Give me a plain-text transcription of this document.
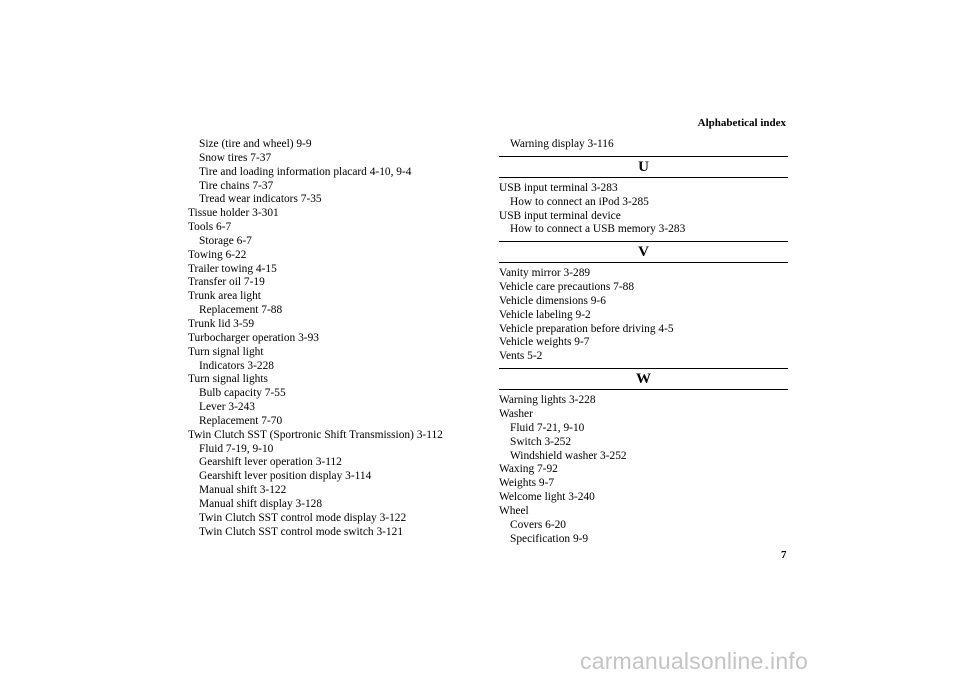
Alphabetical index
Size (tire and wheel) 9-9
Snow tires 7-37
Tire and loading information placard 4-10, 9-4
Tire chains 7-37
Tread wear indicators 7-35
Tissue holder 3-301
Tools 6-7
Storage 6-7
Towing 6-22
Trailer towing 4-15
Transfer oil 7-19
Trunk area light
Replacement 7-88
Trunk lid 3-59
Turbocharger operation 3-93
Turn signal light
Indicators 3-228
Turn signal lights
Bulb capacity 7-55
Lever 3-243
Replacement 7-70
Twin Clutch SST (Sportronic Shift Transmission) 3-112
Fluid 7-19, 9-10
Gearshift lever operation 3-112
Gearshift lever position display 3-114
Manual shift 3-122
Manual shift display 3-128
Twin Clutch SST control mode display 3-122
Twin Clutch SST control mode switch 3-121
Warning display 3-116
U
USB input terminal 3-283
How to connect an iPod 3-285
USB input terminal device
How to connect a USB memory 3-283
V
Vanity mirror 3-289
Vehicle care precautions 7-88
Vehicle dimensions 9-6
Vehicle labeling 9-2
Vehicle preparation before driving 4-5
Vehicle weights 9-7
Vents 5-2
W
Warning lights 3-228
Washer
Fluid 7-21, 9-10
Switch 3-252
Windshield washer 3-252
Waxing 7-92
Weights 9-7
Welcome light 3-240
Wheel
Covers 6-20
Specification 9-9
7
carmanualsonline.info
